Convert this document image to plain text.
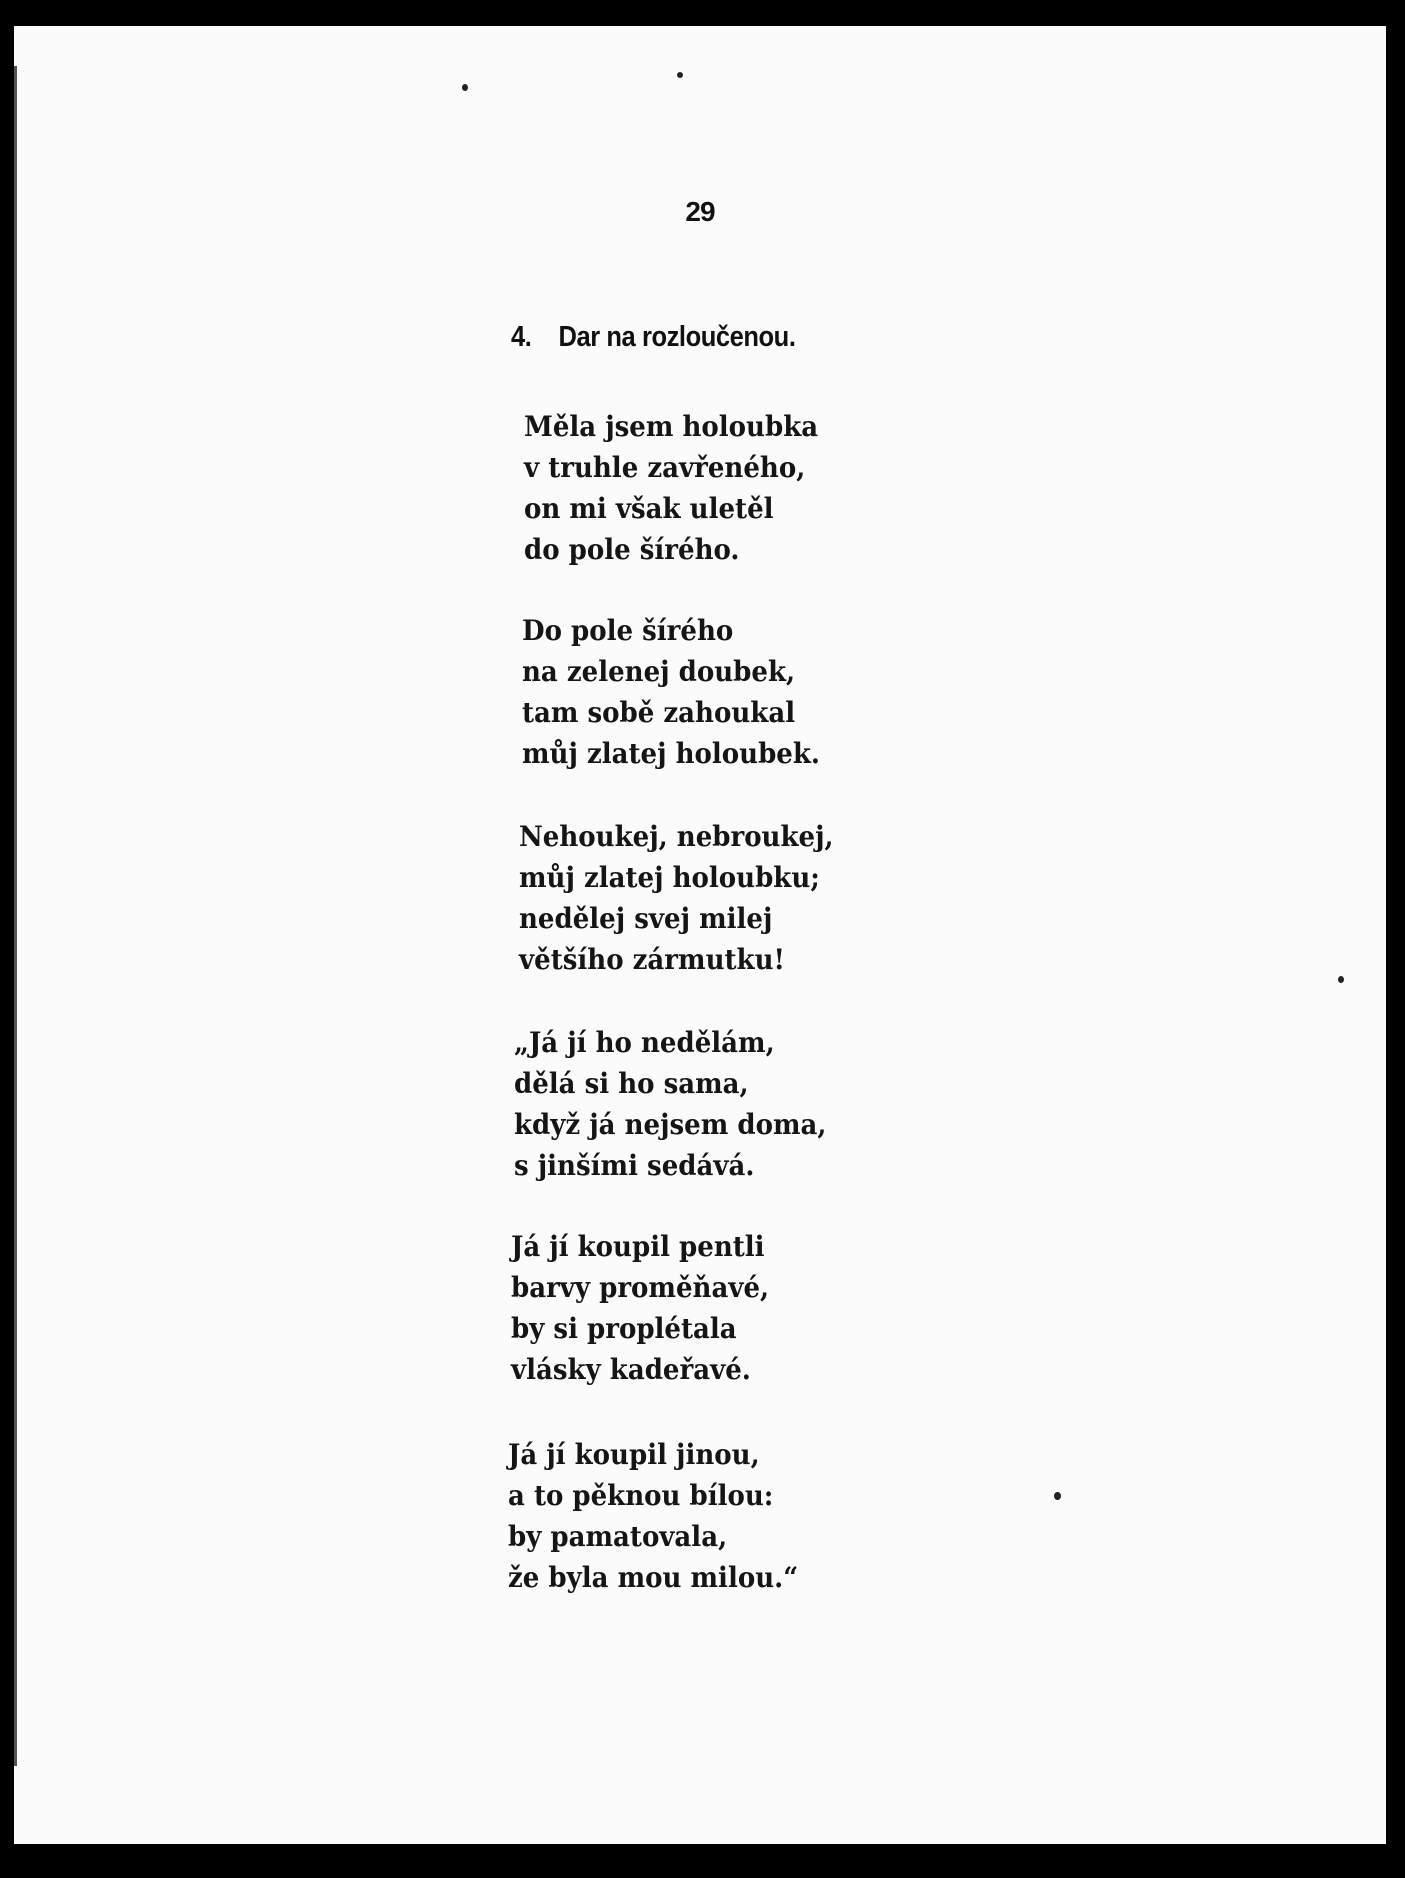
29
4. Dar na rozloučenou.
Měla jsem holoubka
v truhle zavřeného,
on mi však uletěl
do pole šírého.
Do pole šírého
na zelenej doubek,
tam sobě zahoukal
můj zlatej holoubek.
Nehoukej, nebroukej,
můj zlatej holoubku;
nedělej svej milej
většího zármutku!
„Já jí ho nedělám,
dělá si ho sama,
když já nejsem doma,
s jinšími sedává.
Já jí koupil pentli
barvy proměňavé,
by si proplétala
vlásky kadeřavé.
Já jí koupil jinou,
a to pěknou bílou:
by pamatovala,
že byla mou milou.“
